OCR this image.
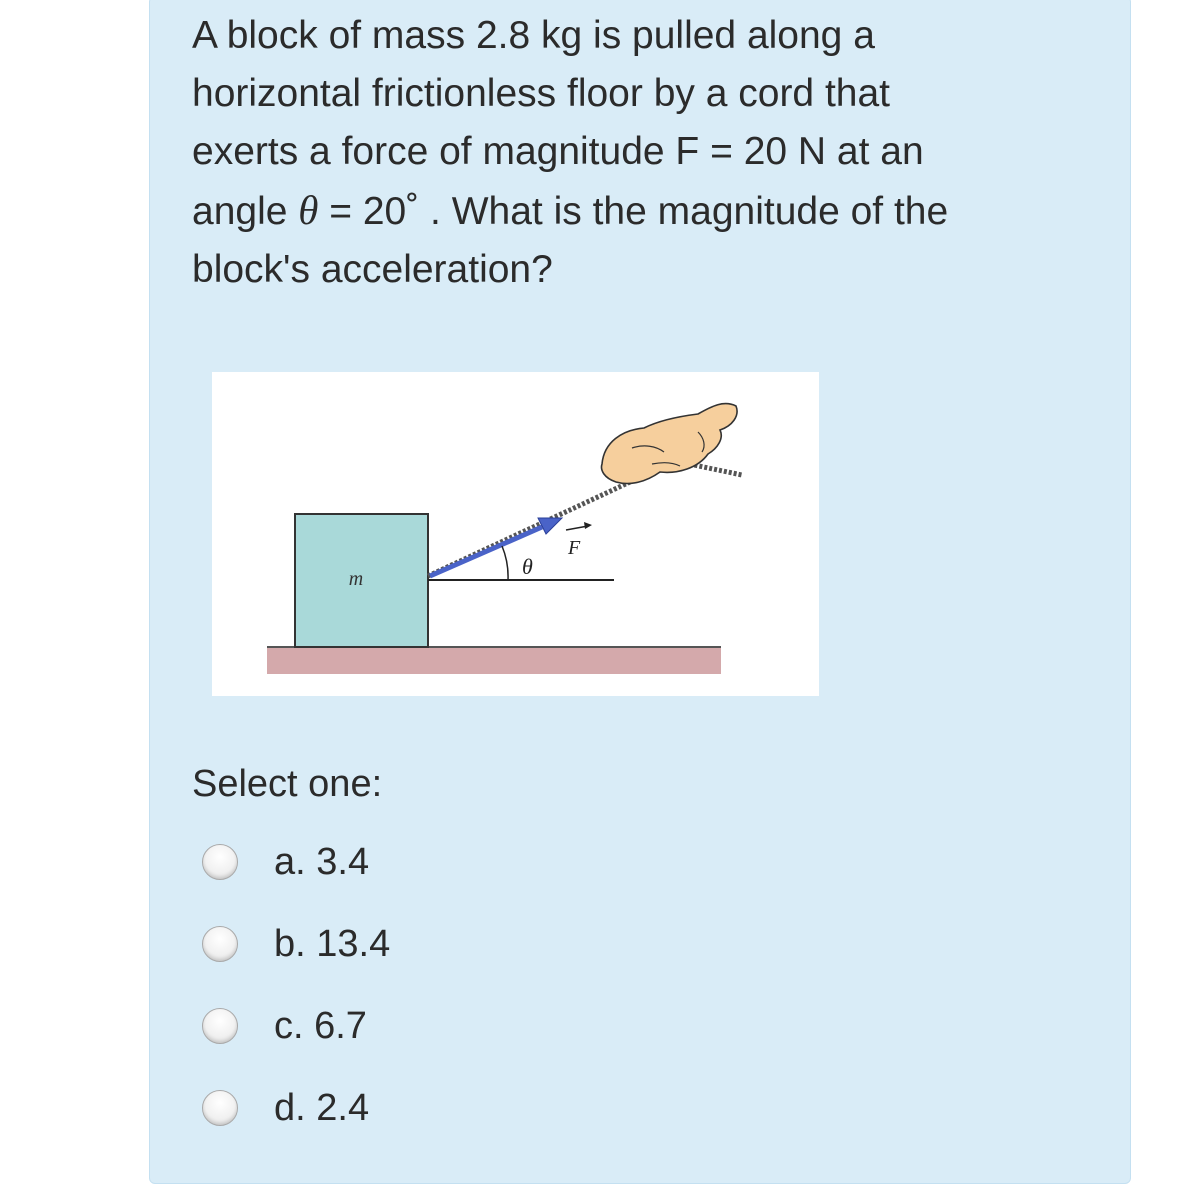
A block of mass 2.8 kg is pulled along a
horizontal frictionless floor by a cord that
exerts a force of magnitude F = 20 N at an
angle θ = 20˚ . What is the magnitude of the
block's acceleration?
m	θ
F
Select one:
a. 3.4
b. 13.4
c. 6.7
d. 2.4
